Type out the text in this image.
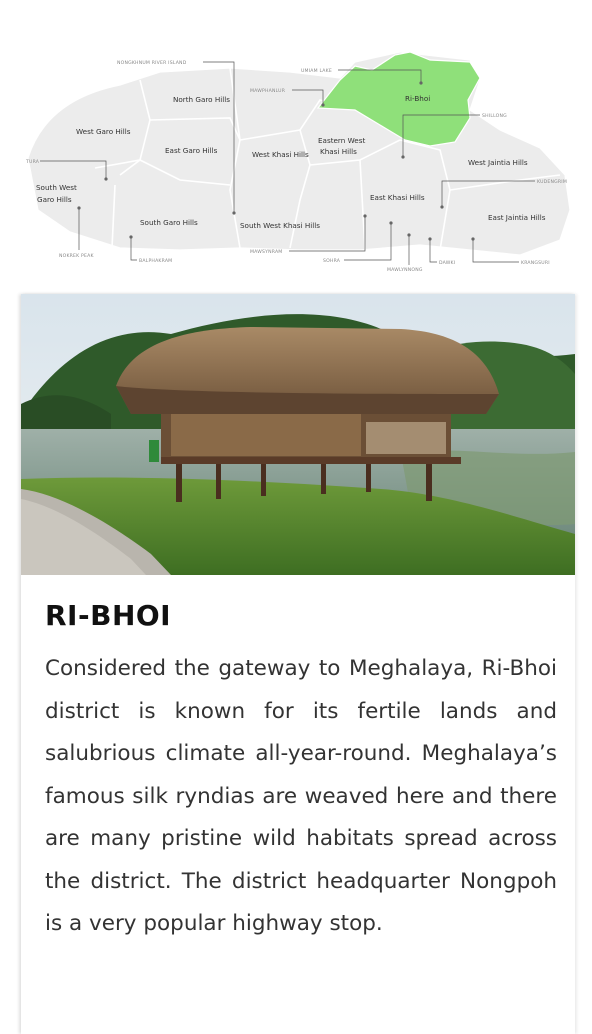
North Garo Hills
West Garo Hills
East Garo Hills
South West
Garo Hills
South Garo Hills
West Khasi Hills
Eastern West
Khasi Hills
South West Khasi Hills
Ri-Bhoi
East Khasi Hills
West Jaintia Hills
East Jaintia Hills
NONGKHNUM RIVER ISLAND
UMIAM LAKE
MAWPHANLUR
SHILLONG
TURA
KUDENGRIM
NOKREK PEAK
BALPHAKRAM
MAWSYNRAM
SOHRA
MAWLYNNONG
DAWKI	KRANGSURI
RI-BHOI

Considered the gateway to Meghalaya, Ri-Bhoi district is known for its fertile lands and salubrious climate all-year-round. Meghalaya’s famous silk ryndias are weaved here and there are many pristine wild habitats spread across the district. The district headquarter Nongpoh is a very popular highway stop.
